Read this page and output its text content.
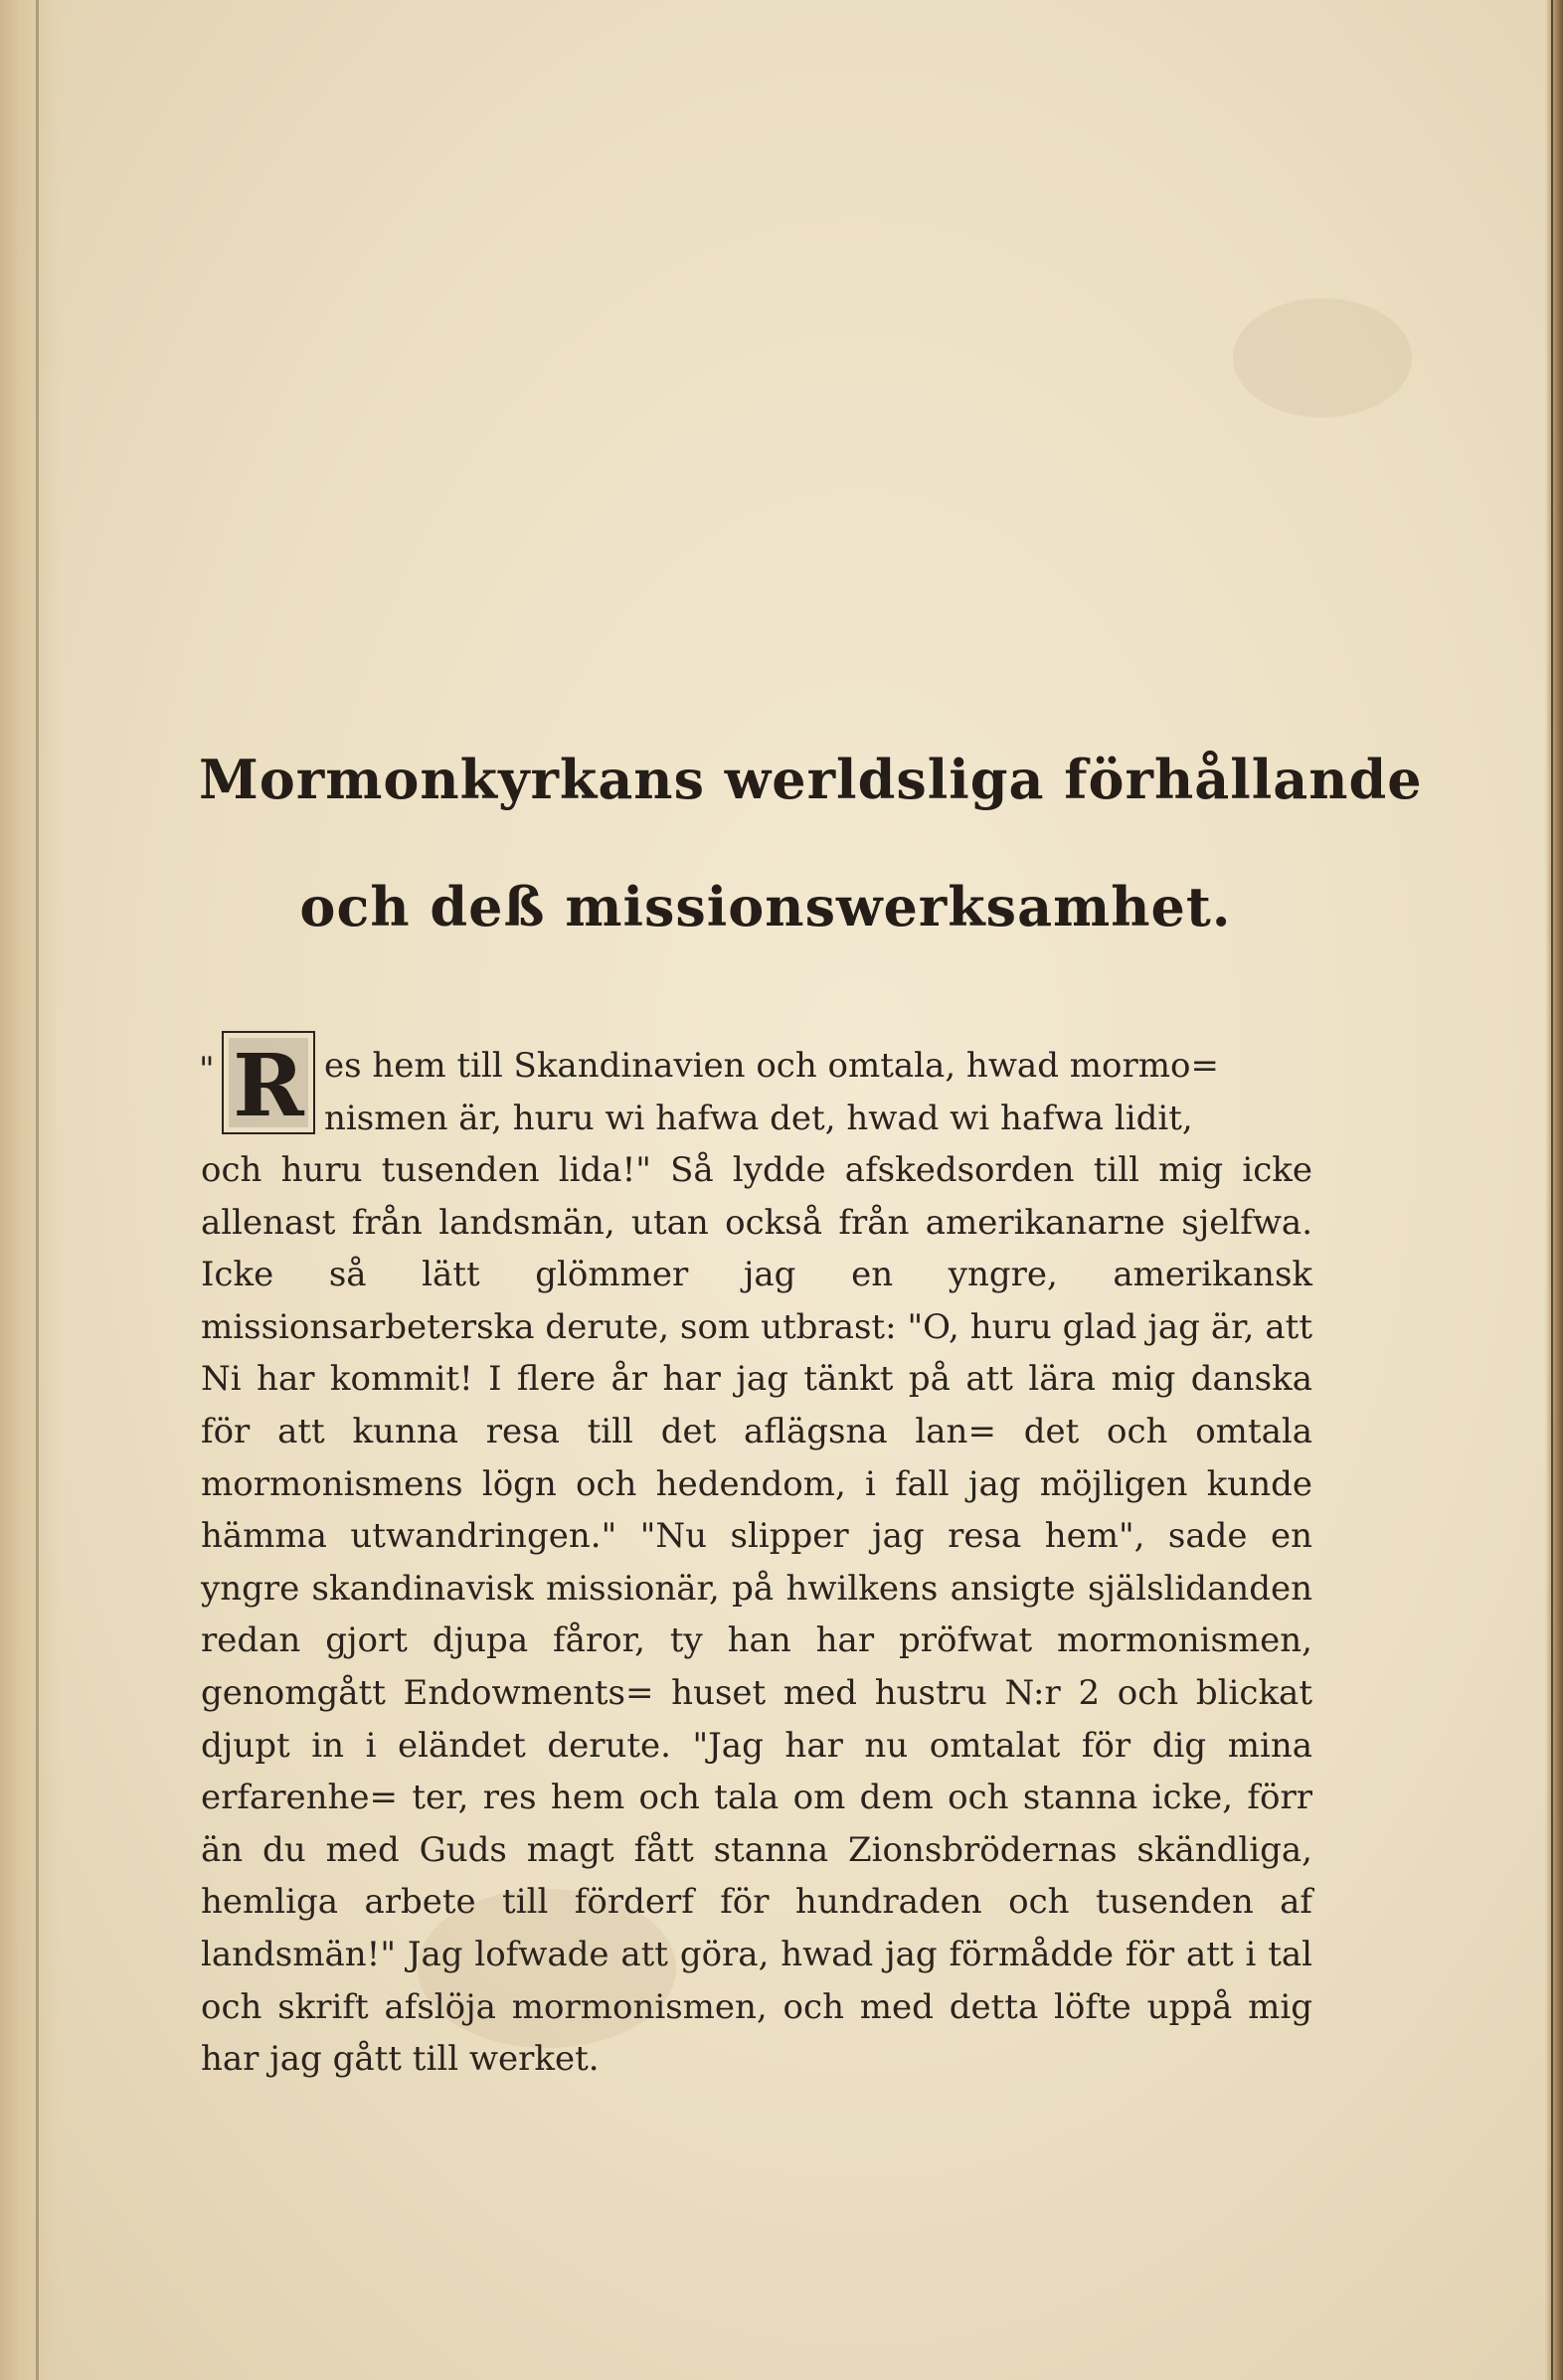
Mormonkyrkans werldsliga förhållande
och deß missionswerksamhet.
" R es hem till Skandinavien och omtala, hwad mormo=
nismen är, huru wi hafwa det, hwad wi hafwa lidit,

och huru tusenden lida!" Så lydde afskedsorden till mig icke allenast från landsmän, utan också från amerikanarne sjelfwa. Icke så lätt glömmer jag en yngre, amerikansk missionsarbeterska derute, som utbrast: "O, huru glad jag är, att Ni har kommit! I flere år har jag tänkt på att lära mig danska för att kunna resa till det aflägsna lan= det och omtala mormonismens lögn och hedendom, i fall jag möjligen kunde hämma utwandringen." "Nu slipper jag resa hem", sade en yngre skandinavisk missionär, på hwilkens ansigte själslidanden redan gjort djupa fåror, ty han har pröfwat mormonismen, genomgått Endowments= huset med hustru N:r 2 och blickat djupt in i eländet derute. "Jag har nu omtalat för dig mina erfarenhe= ter, res hem och tala om dem och stanna icke, förr än du med Guds magt fått stanna Zionsbrödernas skändliga, hemliga arbete till förderf för hundraden och tusenden af landsmän!" Jag lofwade att göra, hwad jag förmådde för att i tal och skrift afslöja mormonismen, och med detta löfte uppå mig har jag gått till werket.
